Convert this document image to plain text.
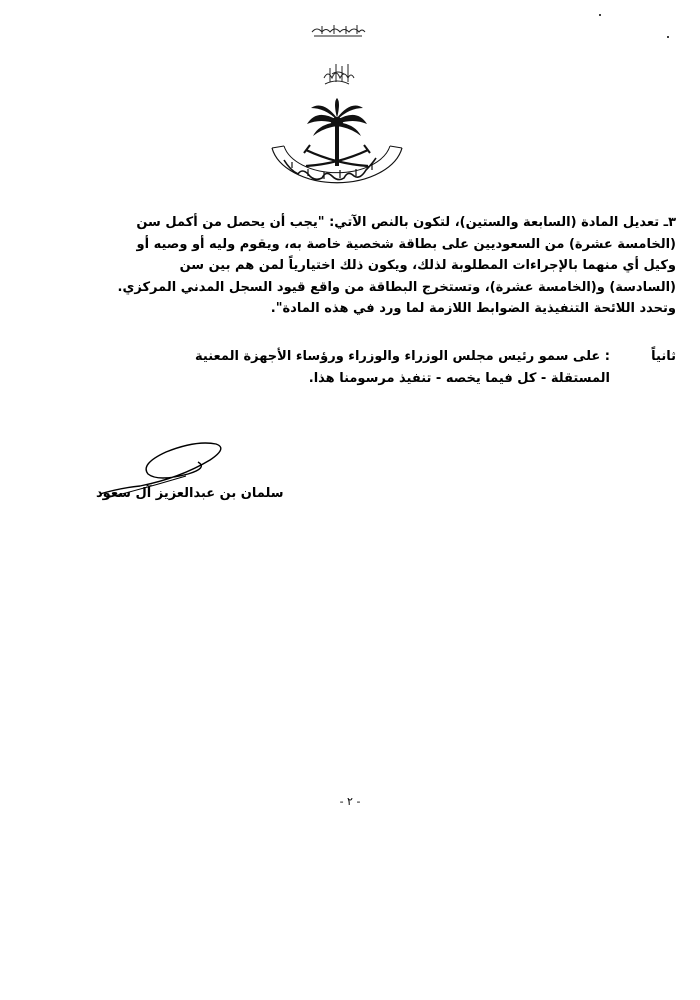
٣ـ تعديل المادة (السابعة والستين)، لتكون بالنص الآتي: "يجب أن يحصل من أكمل سن
(الخامسة عشرة) من السعوديين على بطاقة شخصية خاصة به، ويقوم وليه أو وصيه أو
وكيل أي منهما بالإجراءات المطلوبة لذلك، ويكون ذلك اختيارياً لمن هم بين سن
(السادسة) و(الخامسة عشرة)، وتستخرج البطاقة من واقع قيود السجل المدني المركزي.
وتحدد اللائحة التنفيذية الضوابط اللازمة لما ورد في هذه المادة".
ثانياً
: على سمو رئيس مجلس الوزراء والوزراء ورؤساء الأجهزة المعنية
المستقلة - كل فيما يخصه - تنفيذ مرسومنا هذا.
سلمان بن عبدالعزيز آل سعود
- ٢ -
